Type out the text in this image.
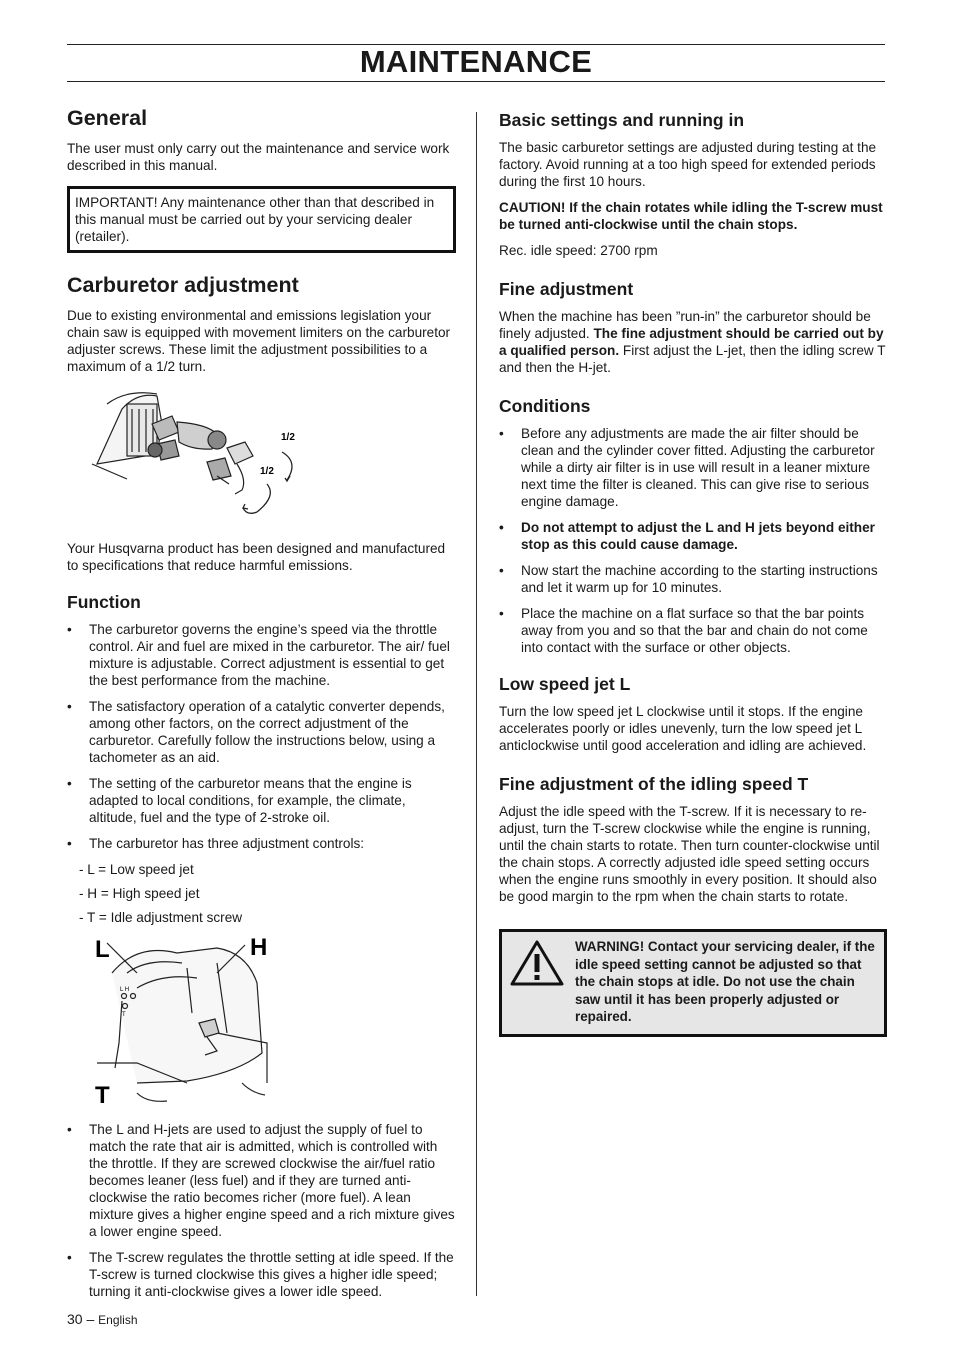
MAINTENANCE
General

The user must only carry out the maintenance and service work described in this manual.

IMPORTANT! Any maintenance other than that described in this manual must be carried out by your servicing dealer (retailer).
Carburetor adjustment

Due to existing environmental and emissions legislation your chain saw is equipped with movement limiters on the carburetor adjuster screws. These limit the adjustment possibilities to a maximum of a 1/2 turn.

1/2
1/2

Your Husqvarna product has been designed and manufactured to specifications that reduce harmful emissions.

Function
• The carburetor governs the engine’s speed via the throttle control. Air and fuel are mixed in the carburetor. The air/ fuel mixture is adjustable. Correct adjustment is essential to get the best performance from the machine.
• The satisfactory operation of a catalytic converter depends, among other factors, on the correct adjustment of the carburetor. Carefully follow the instructions below, using a tachometer as an aid.
• The setting of the carburetor means that the engine is adapted to local conditions, for example, the climate, altitude, fuel and the type of 2-stroke oil.
• The carburetor has three adjustment controls:
- L = Low speed jet
- H = High speed jet
- T = Idle adjustment screw
L	H
T
L H
T
• The L and H-jets are used to adjust the supply of fuel to match the rate that air is admitted, which is controlled with the throttle. If they are screwed clockwise the air/fuel ratio becomes leaner (less fuel) and if they are turned anti-clockwise the ratio becomes richer (more fuel). A lean mixture gives a higher engine speed and a rich mixture gives a lower engine speed.
• The T-screw regulates the throttle setting at idle speed. If the T-screw is turned clockwise this gives a higher idle speed; turning it anti-clockwise gives a lower idle speed.
Basic settings and running in

The basic carburetor settings are adjusted during testing at the factory. Avoid running at a too high speed for extended periods during the first 10 hours.

CAUTION! If the chain rotates while idling the T-screw must be turned anti-clockwise until the chain stops.

Rec. idle speed: 2700 rpm

Fine adjustment

When the machine has been ”run-in” the carburetor should be finely adjusted. The fine adjustment should be carried out by a qualified person. First adjust the L-jet, then the idling screw T and then the H-jet.

Conditions
• Before any adjustments are made the air filter should be clean and the cylinder cover fitted. Adjusting the carburetor while a dirty air filter is in use will result in a leaner mixture next time the filter is cleaned. This can give rise to serious engine damage.
• Do not attempt to adjust the L and H jets beyond either stop as this could cause damage.
• Now start the machine according to the starting instructions and let it warm up for 10 minutes.
• Place the machine on a flat surface so that the bar points away from you and so that the bar and chain do not come into contact with the surface or other objects.
Low speed jet L

Turn the low speed jet L clockwise until it stops. If the engine accelerates poorly or idles unevenly, turn the low speed jet L anticlockwise until good acceleration and idling are achieved.

Fine adjustment of the idling speed T

Adjust the idle speed with the T-screw. If it is necessary to re-adjust, turn the T-screw clockwise while the engine is running, until the chain starts to rotate. Then turn counter-clockwise until the chain stops. A correctly adjusted idle speed setting occurs when the engine runs smoothly in every position. It should also be good margin to the rpm when the chain starts to rotate.

WARNING! Contact your servicing dealer, if the idle speed setting cannot be adjusted so that the chain stops at idle. Do not use the chain saw until it has been properly adjusted or repaired.
30 – English
